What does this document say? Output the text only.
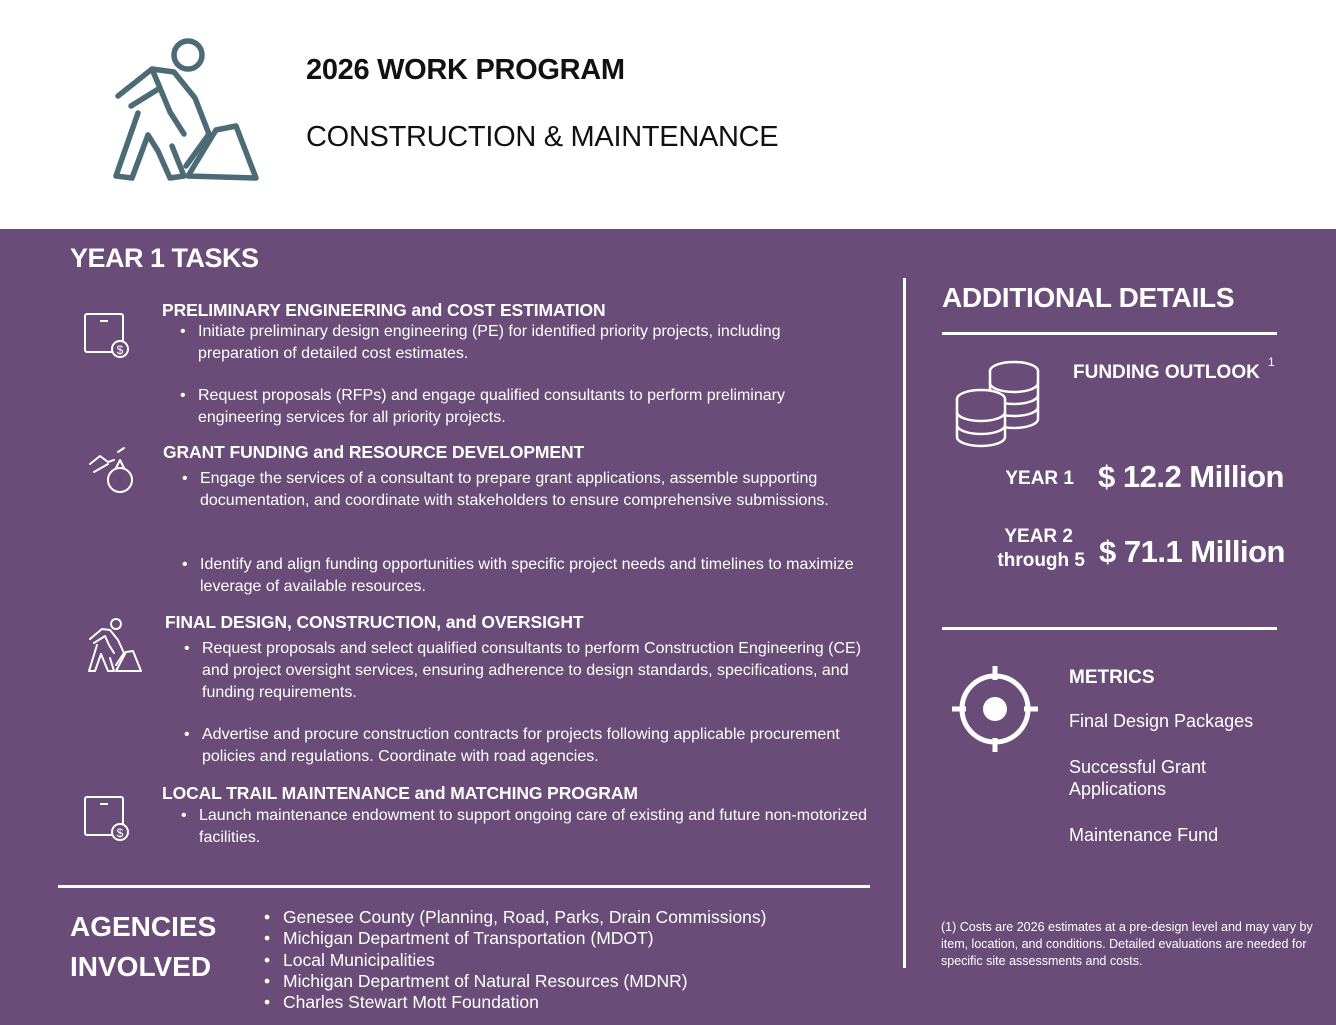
2026 WORK PROGRAM
CONSTRUCTION & MAINTENANCE
YEAR 1 TASKS
$
PRELIMINARY ENGINEERING and COST ESTIMATION
• Initiate preliminary design engineering (PE) for identified priority projects, including preparation of detailed cost estimates.
• Request proposals (RFPs) and engage qualified consultants to perform preliminary engineering services for all priority projects.
GRANT FUNDING and RESOURCE DEVELOPMENT
• Engage the services of a consultant to prepare grant applications, assemble supporting documentation, and coordinate with stakeholders to ensure comprehensive submissions.
• Identify and align funding opportunities with specific project needs and timelines to maximize leverage of available resources.
FINAL DESIGN, CONSTRUCTION, and OVERSIGHT
• Request proposals and select qualified consultants to perform Construction Engineering (CE) and project oversight services, ensuring adherence to design standards, specifications, and funding requirements.
• Advertise and procure construction contracts for projects following applicable procurement policies and regulations. Coordinate with road agencies.
$
LOCAL TRAIL MAINTENANCE and MATCHING PROGRAM
• Launch maintenance endowment to support ongoing care of existing and future non-motorized facilities.
AGENCIES
INVOLVED
• Genesee County (Planning, Road, Parks, Drain Commissions)
• Michigan Department of Transportation (MDOT)
• Local Municipalities
• Michigan Department of Natural Resources (MDNR)
• Charles Stewart Mott Foundation
ADDITIONAL DETAILS
FUNDING OUTLOOK 1
YEAR 1 $ 12.2 Million
YEAR 2
through 5 $ 71.1 Million
METRICS
Final Design Packages
Successful Grant Applications
Maintenance Fund
(1) Costs are 2026 estimates at a pre-design level and may vary by item, location, and conditions. Detailed evaluations are needed for specific site assessments and costs.
